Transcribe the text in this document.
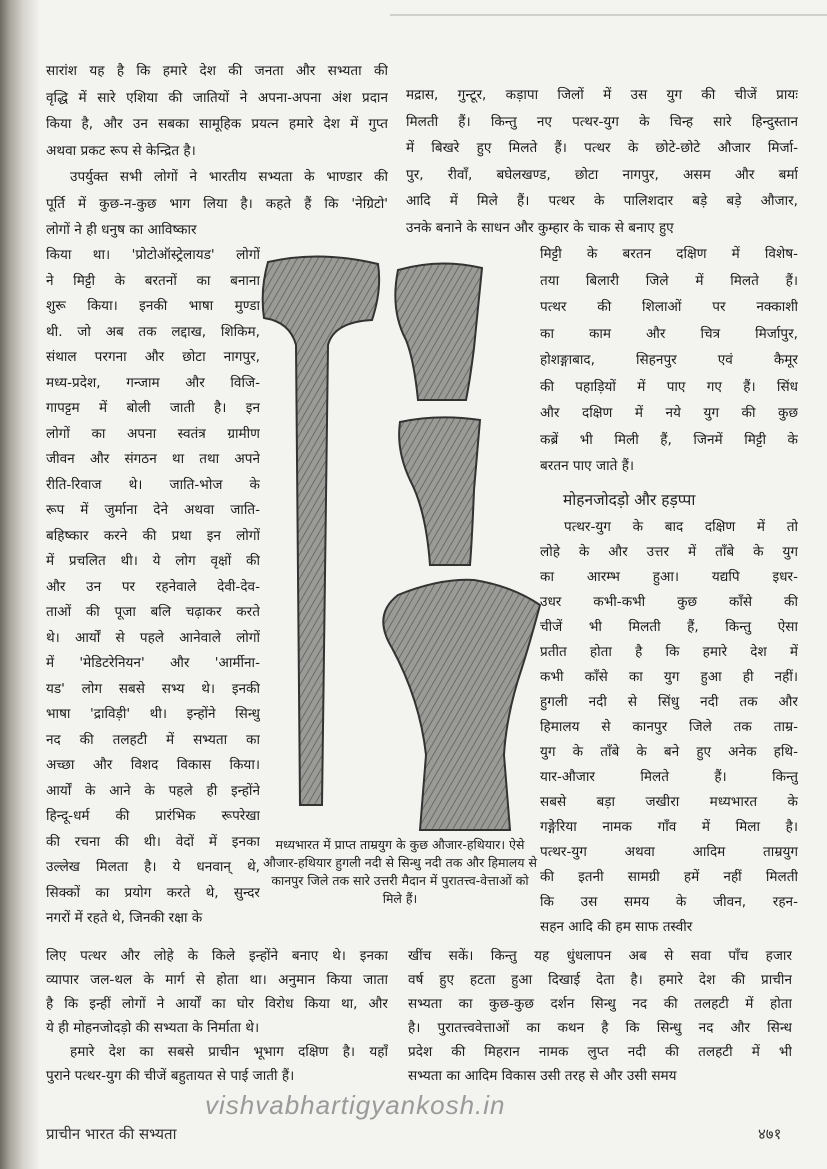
सारांश यह है कि हमारे देश की जनता और सभ्यता की
वृद्धि में सारे एशिया की जातियों ने अपना-अपना अंश प्रदान
किया है, और उन सबका सामूहिक प्रयत्न हमारे देश में गुप्त
अथवा प्रकट रूप से केन्द्रित है।
उपर्युक्त सभी लोगों ने भारतीय सभ्यता के भाण्डार की
पूर्ति में कुछ-न-कुछ भाग लिया है। कहते हैं कि 'नेग्रिटो'
लोगों ने ही धनुष का आविष्कार
किया था। 'प्रोटोऑस्ट्रेलायड' लोगों
ने मिट्टी के बरतनों का बनाना
शुरू किया। इनकी भाषा मुण्डा
थी. जो अब तक लद्दाख, शिकिम,
संथाल परगना और छोटा नागपुर,
मध्य-प्रदेश, गन्जाम और विजि-
गापट्टम में बोली जाती है। इन
लोगों का अपना स्वतंत्र ग्रामीण
जीवन और संगठन था तथा अपने
रीति-रिवाज थे। जाति-भोज के
रूप में जुर्माना देने अथवा जाति-
बहिष्कार करने की प्रथा इन लोगों
में प्रचलित थी। ये लोग वृक्षों की
और उन पर रहनेवाले देवी-देव-
ताओं की पूजा बलि चढ़ाकर करते
थे। आर्यों से पहले आनेवाले लोगों
में 'मेडिटरेनियन' और 'आर्मीना-
यड' लोग सबसे सभ्य थे। इनकी
भाषा 'द्राविड़ी' थी। इन्होंने सिन्धु
नद की तलहटी में सभ्यता का
अच्छा और विशद विकास किया।
आर्यों के आने के पहले ही इन्होंने
हिन्दू-धर्म की प्रारंभिक रूपरेखा
की रचना की थी। वेदों में इनका
उल्लेख मिलता है। ये धनवान् थे,
सिक्कों का प्रयोग करते थे, सुन्दर
नगरों में रहते थे, जिनकी रक्षा के
मद्रास, गुन्टूर, कड़ापा जिलों में उस युग की चीजें प्रायः
मिलती हैं। किन्तु नए पत्थर-युग के चिन्ह सारे हिन्दुस्तान
में बिखरे हुए मिलते हैं। पत्थर के छोटे-छोटे औजार मिर्जा-
पुर, रीवाँ, बघेलखण्ड, छोटा नागपुर, असम और बर्मा
आदि में मिले हैं। पत्थर के पालिशदार बड़े बड़े औजार,
उनके बनाने के साधन और कुम्हार के चाक से बनाए हुए
मिट्टी के बरतन दक्षिण में विशेष-
तया बिलारी जिले में मिलते हैं।
पत्थर की शिलाओं पर नक्काशी
का काम और चित्र मिर्जापुर,
होशङ्गाबाद, सिहनपुर एवं कैमूर
की पहाड़ियों में पाए गए हैं। सिंध
और दक्षिण में नये युग की कुछ
कब्रें भी मिली हैं, जिनमें मिट्टी के
बरतन पाए जाते हैं।
मोहनजोदड़ो और हड़प्पा
पत्थर-युग के बाद दक्षिण में तो
लोहे के और उत्तर में ताँबे के युग
का आरम्भ हुआ। यद्यपि इधर-
उधर कभी-कभी कुछ काँसे की
चीजें भी मिलती हैं, किन्तु ऐसा
प्रतीत होता है कि हमारे देश में
कभी काँसे का युग हुआ ही नहीं।
हुगली नदी से सिंधु नदी तक और
हिमालय से कानपुर जिले तक ताम्र-
युग के ताँबे के बने हुए अनेक हथि-
यार-औजार मिलते हैं। किन्तु
सबसे बड़ा जखीरा मध्यभारत के
गङ्गेरिया नामक गाँव में मिला है।
पत्थर-युग अथवा आदिम ताम्रयुग
की इतनी सामग्री हमें नहीं मिलती
कि उस समय के जीवन, रहन-
सहन आदि की हम साफ तस्वीर
लिए पत्थर और लोहे के किले इन्होंने बनाए थे। इनका
व्यापार जल-थल के मार्ग से होता था। अनुमान किया जाता
है कि इन्हीं लोगों ने आर्यों का घोर विरोध किया था, और
ये ही मोहनजोदड़ो की सभ्यता के निर्माता थे।
हमारे देश का सबसे प्राचीन भूभाग दक्षिण है। यहाँ
पुराने पत्थर-युग की चीजें बहुतायत से पाई जाती हैं।
खींच सकें। किन्तु यह धुंधलापन अब से सवा पाँच हजार
वर्ष हुए हटता हुआ दिखाई देता है। हमारे देश की प्राचीन
सभ्यता का कुछ-कुछ दर्शन सिन्धु नद की तलहटी में होता
है। पुरातत्त्ववेत्ताओं का कथन है कि सिन्धु नद और सिन्ध
प्रदेश की मिहरान नामक लुप्त नदी की तलहटी में भी
सभ्यता का आदिम विकास उसी तरह से और उसी समय
मध्यभारत में प्राप्त ताम्रयुग के कुछ औजार-हथियार। ऐसे औजार-हथियार हुगली नदी से सिन्धु नदी तक और हिमालय से कानपुर जिले तक सारे उत्तरी मैदान में पुरातत्त्व-वेत्ताओं को मिले हैं।
vishvabhartigyankosh.in
प्राचीन भारत की सभ्यता	४७१
